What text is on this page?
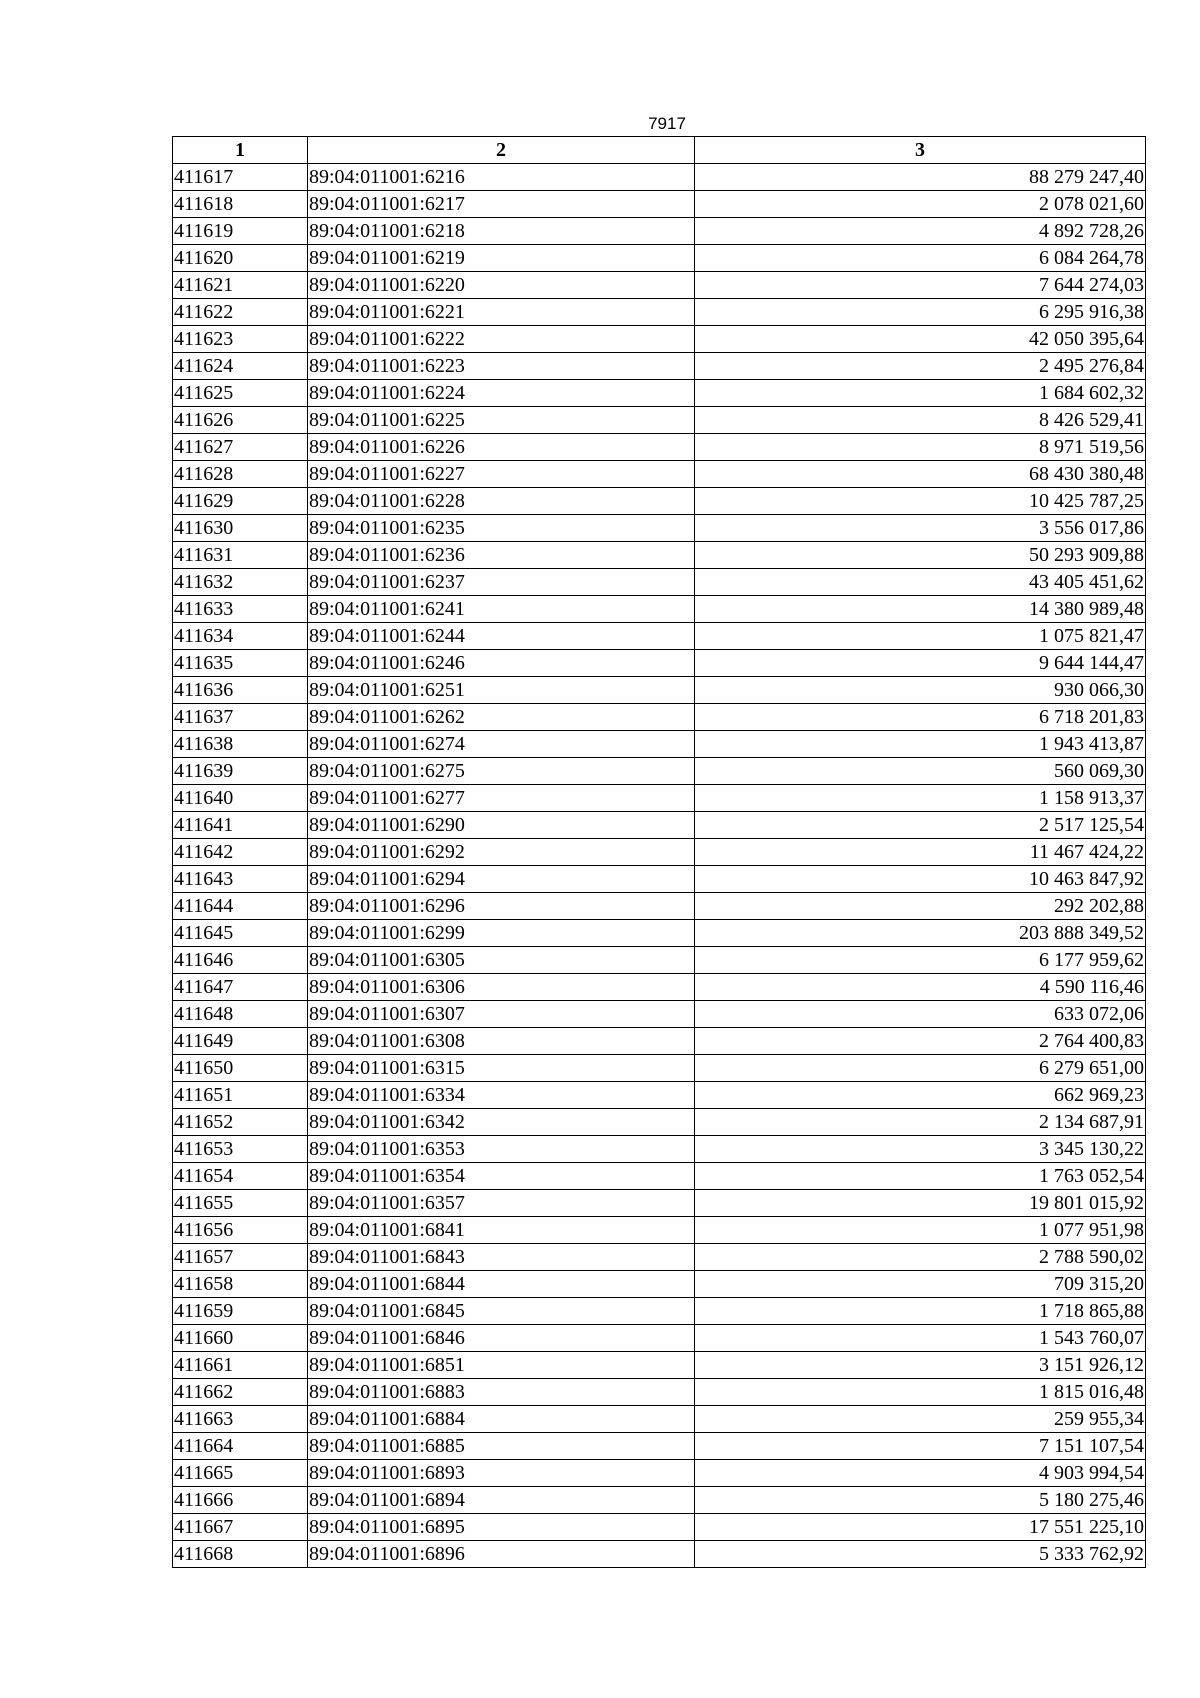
7917
1	2	3
411617	89:04:011001:6216	88 279 247,40
411618	89:04:011001:6217	2 078 021,60
411619	89:04:011001:6218	4 892 728,26
411620	89:04:011001:6219	6 084 264,78
411621	89:04:011001:6220	7 644 274,03
411622	89:04:011001:6221	6 295 916,38
411623	89:04:011001:6222	42 050 395,64
411624	89:04:011001:6223	2 495 276,84
411625	89:04:011001:6224	1 684 602,32
411626	89:04:011001:6225	8 426 529,41
411627	89:04:011001:6226	8 971 519,56
411628	89:04:011001:6227	68 430 380,48
411629	89:04:011001:6228	10 425 787,25
411630	89:04:011001:6235	3 556 017,86
411631	89:04:011001:6236	50 293 909,88
411632	89:04:011001:6237	43 405 451,62
411633	89:04:011001:6241	14 380 989,48
411634	89:04:011001:6244	1 075 821,47
411635	89:04:011001:6246	9 644 144,47
411636	89:04:011001:6251	930 066,30
411637	89:04:011001:6262	6 718 201,83
411638	89:04:011001:6274	1 943 413,87
411639	89:04:011001:6275	560 069,30
411640	89:04:011001:6277	1 158 913,37
411641	89:04:011001:6290	2 517 125,54
411642	89:04:011001:6292	11 467 424,22
411643	89:04:011001:6294	10 463 847,92
411644	89:04:011001:6296	292 202,88
411645	89:04:011001:6299	203 888 349,52
411646	89:04:011001:6305	6 177 959,62
411647	89:04:011001:6306	4 590 116,46
411648	89:04:011001:6307	633 072,06
411649	89:04:011001:6308	2 764 400,83
411650	89:04:011001:6315	6 279 651,00
411651	89:04:011001:6334	662 969,23
411652	89:04:011001:6342	2 134 687,91
411653	89:04:011001:6353	3 345 130,22
411654	89:04:011001:6354	1 763 052,54
411655	89:04:011001:6357	19 801 015,92
411656	89:04:011001:6841	1 077 951,98
411657	89:04:011001:6843	2 788 590,02
411658	89:04:011001:6844	709 315,20
411659	89:04:011001:6845	1 718 865,88
411660	89:04:011001:6846	1 543 760,07
411661	89:04:011001:6851	3 151 926,12
411662	89:04:011001:6883	1 815 016,48
411663	89:04:011001:6884	259 955,34
411664	89:04:011001:6885	7 151 107,54
411665	89:04:011001:6893	4 903 994,54
411666	89:04:011001:6894	5 180 275,46
411667	89:04:011001:6895	17 551 225,10
411668	89:04:011001:6896	5 333 762,92
